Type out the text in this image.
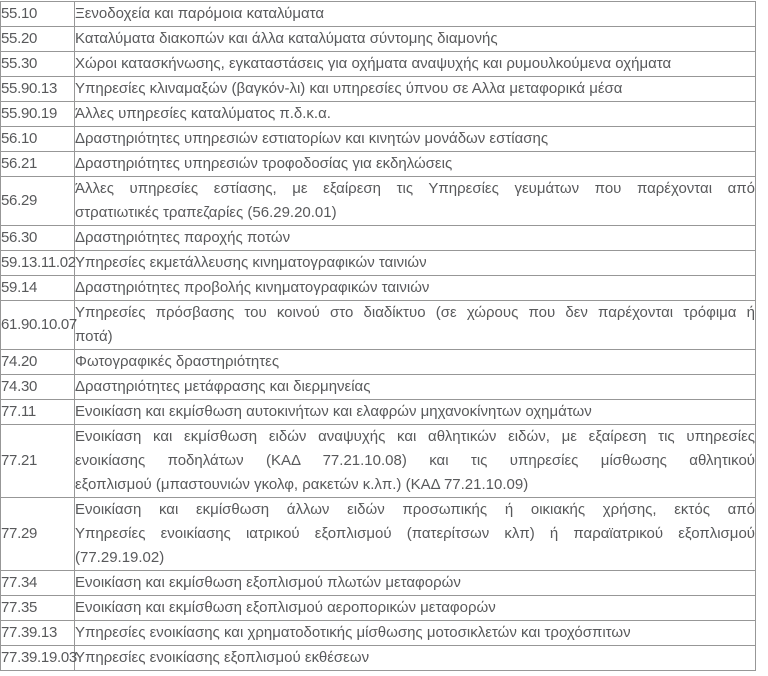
55.10	Ξενοδοχεία και παρόμοια καταλύματα

55.20	Καταλύματα διακοπών και άλλα καταλύματα σύντομης διαμονής

55.30	Χώροι κατασκήνωσης, εγκαταστάσεις για οχήματα αναψυχής και ρυμουλκούμενα οχήματα

55.90.13	Υπηρεσίες κλιναμαξών (βαγκόν-λι) και υπηρεσίες ύπνου σε Αλλα μεταφορικά μέσα

55.90.19	Άλλες υπηρεσίες καταλύματος π.δ.κ.α.

56.10	Δραστηριότητες υπηρεσιών εστιατορίων και κινητών μονάδων εστίασης

56.21	Δραστηριότητες υπηρεσιών τροφοδοσίας για εκδηλώσεις

56.29	Άλλες υπηρεσίες εστίασης, με εξαίρεση τις Υπηρεσίες γευμάτων που παρέχονται από
στρατιωτικές τραπεζαρίες (56.29.20.01)

56.30	Δραστηριότητες παροχής ποτών

59.13.11.02	Υπηρεσίες εκμετάλλευσης κινηματογραφικών ταινιών

59.14	Δραστηριότητες προβολής κινηματογραφικών ταινιών

61.90.10.07	Υπηρεσίες πρόσβασης του κοινού στο διαδίκτυο (σε χώρους που δεν παρέχονται τρόφιμα ή
ποτά)

74.20	Φωτογραφικές δραστηριότητες

74.30	Δραστηριότητες μετάφρασης και διερμηνείας

77.11	Ενοικίαση και εκμίσθωση αυτοκινήτων και ελαφρών μηχανοκίνητων οχημάτων

77.21	Ενοικίαση και εκμίσθωση ειδών αναψυχής και αθλητικών ειδών, με εξαίρεση τις υπηρεσίες
ενοικίασης ποδηλάτων (ΚΑΔ 77.21.10.08) και τις υπηρεσίες μίσθωσης αθλητικού
εξοπλισμού (μπαστουνιών γκολφ, ρακετών κ.λπ.) (ΚΑΔ 77.21.10.09)

77.29	Ενοικίαση και εκμίσθωση άλλων ειδών προσωπικής ή οικιακής χρήσης, εκτός από
Υπηρεσίες ενοικίασης ιατρικού εξοπλισμού (πατερίτσων κλπ) ή παραϊατρικού εξοπλισμού
(77.29.19.02)

77.34	Ενοικίαση και εκμίσθωση εξοπλισμού πλωτών μεταφορών

77.35	Ενοικίαση και εκμίσθωση εξοπλισμού αεροπορικών μεταφορών

77.39.13	Υπηρεσίες ενοικίασης και χρηματοδοτικής μίσθωσης μοτοσικλετών και τροχόσπιτων

77.39.19.03	Υπηρεσίες ενοικίασης εξοπλισμού εκθέσεων
